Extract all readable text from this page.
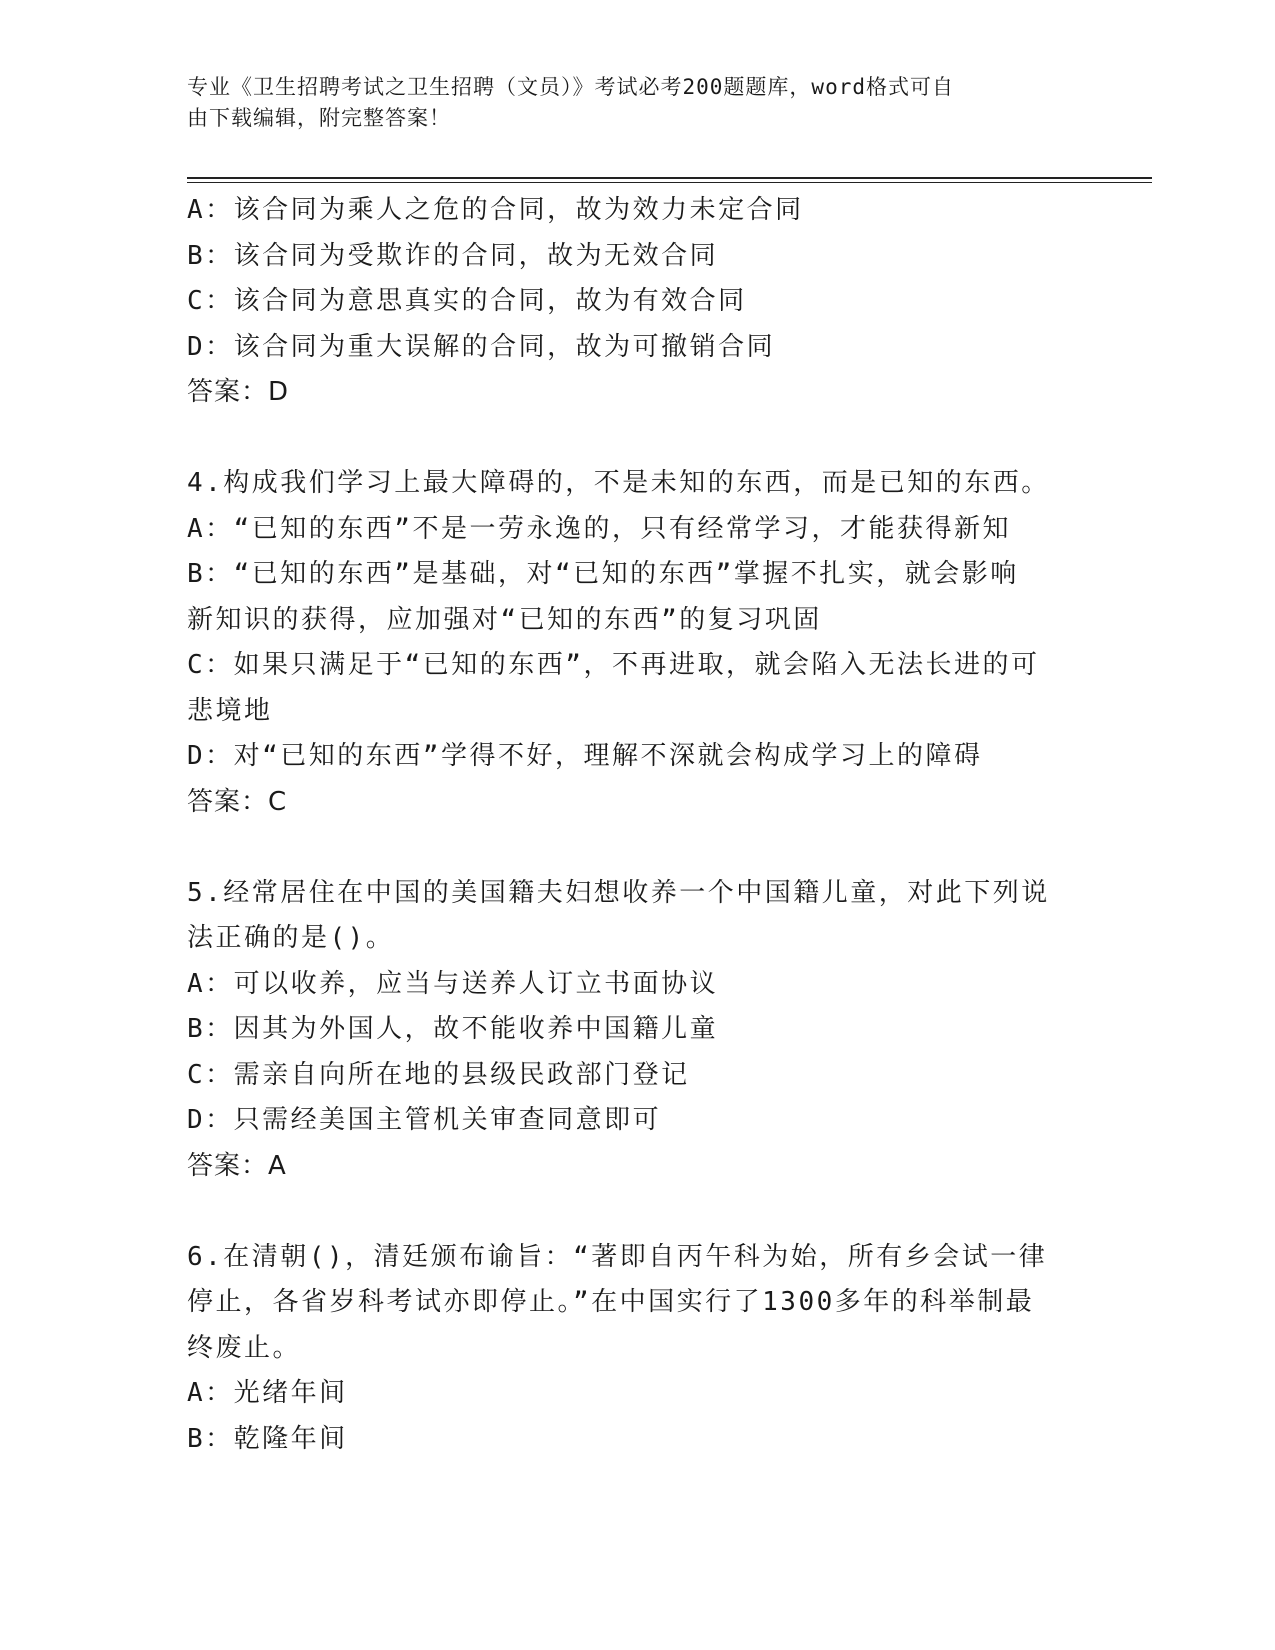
专业《卫生招聘考试之卫生招聘（文员）》考试必考200题题库，word格式可自
由下载编辑，附完整答案！
A：该合同为乘人之危的合同，故为效力未定合同
B：该合同为受欺诈的合同，故为无效合同
C：该合同为意思真实的合同，故为有效合同
D：该合同为重大误解的合同，故为可撤销合同
答案：D
4.构成我们学习上最大障碍的，不是未知的东西，而是已知的东西。
A：“已知的东西”不是一劳永逸的，只有经常学习，才能获得新知
B：“已知的东西”是基础，对“已知的东西”掌握不扎实，就会影响
新知识的获得，应加强对“已知的东西”的复习巩固
C：如果只满足于“已知的东西”，不再进取，就会陷入无法长进的可
悲境地
D：对“已知的东西”学得不好，理解不深就会构成学习上的障碍
答案：C
5.经常居住在中国的美国籍夫妇想收养一个中国籍儿童，对此下列说
法正确的是()。
A：可以收养，应当与送养人订立书面协议
B：因其为外国人，故不能收养中国籍儿童
C：需亲自向所在地的县级民政部门登记
D：只需经美国主管机关审查同意即可
答案：A
6.在清朝()，清廷颁布谕旨：“著即自丙午科为始，所有乡会试一律
停止，各省岁科考试亦即停止。”在中国实行了1300多年的科举制最
终废止。
A：光绪年间
B：乾隆年间
